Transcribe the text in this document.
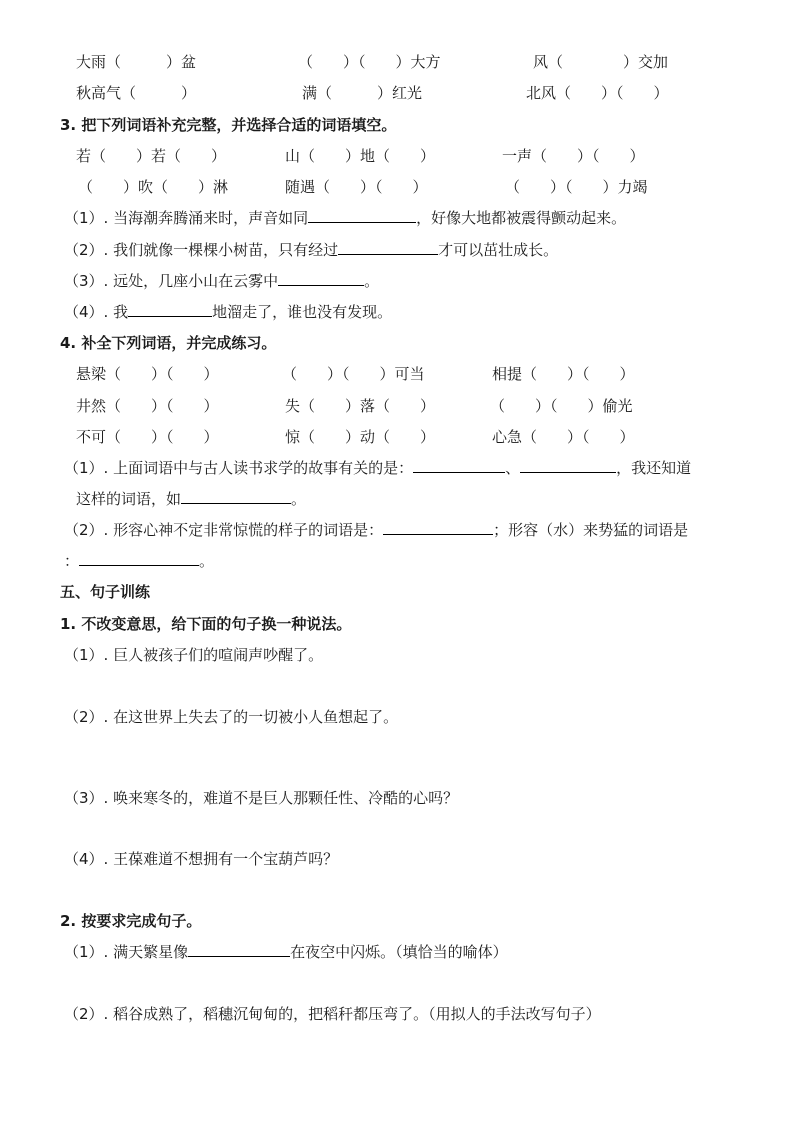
大雨（　　　）盆	（　　）（　　）大方	风（　　　　）交加
秋高气（　　　）	满（　　　）红光	北风（　　）（　　）
3. 把下列词语补充完整，并选择合适的词语填空。
若（　　）若（　　）	山（　　）地（　　）	一声（　　）（　　）
（　　）吹（　　）淋	随遇（　　）（　　）	（　　）（　　）力竭
（1）. 当海潮奔腾涌来时，声音如同	，好像大地都被震得颤动起来。
（2）. 我们就像一棵棵小树苗，只有经过	才可以茁壮成长。
（3）. 远处，几座小山在云雾中	。
（4）. 我	地溜走了，谁也没有发现。
4. 补全下列词语，并完成练习。
悬梁（　　）（　　）	（　　）（　　）可当	相提（　　）（　　）
井然（　　）（　　）	失（　　）落（　　）	（　　）（　　）偷光
不可（　　）（　　）	惊（　　）动（　　）	心急（　　）（　　）
（1）. 上面词语中与古人读书求学的故事有关的是：	、	，我还知道
这样的词语，如	。
（2）. 形容心神不定非常惊慌的样子的词语是：	；形容（水）来势猛的词语是
：	。
五、句子训练
1. 不改变意思，给下面的句子换一种说法。
（1）. 巨人被孩子们的喧闹声吵醒了。
（2）. 在这世界上失去了的一切被小人鱼想起了。
（3）. 唤来寒冬的，难道不是巨人那颗任性、冷酷的心吗？
（4）. 王葆难道不想拥有一个宝葫芦吗？
2. 按要求完成句子。
（1）. 满天繁星像	在夜空中闪烁。（填恰当的喻体）
（2）. 稻谷成熟了，稻穗沉甸甸的，把稻秆都压弯了。（用拟人的手法改写句子）
